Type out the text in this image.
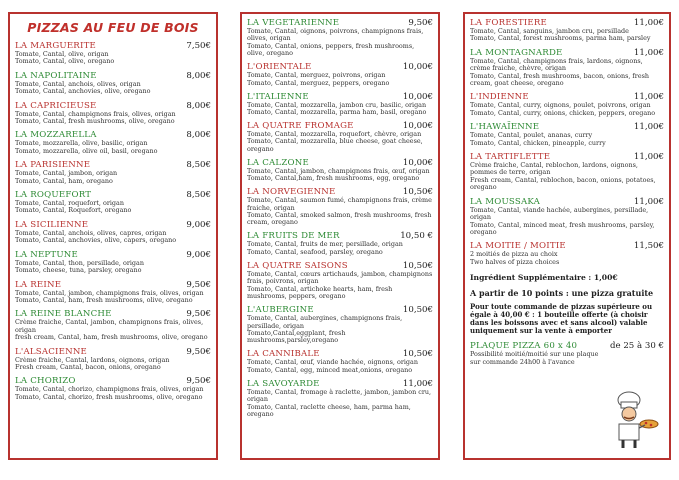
PIZZAS AU FEU DE BOIS
LA MARGUERITE	7,50€
Tomate, Cantal, olive, origan
Tomato, Cantal, olive, oregano
LA NAPOLITAINE	8,00€
Tomate, Cantal, anchois, olives, origan
Tomato, Cantal, anchovies, olive, oregano
LA CAPRICIEUSE	8,00€
Tomate, Cantal, champignons frais, olives, origan
Tomato, Cantal, fresh mushrooms, olive, oregano
LA MOZZARELLA	8,00€
Tomate, mozzarella, olive, basilic, origan
Tomato, mozzarella, olive oil, basil, oregano
LA PARISIENNE	8,50€
Tomate, Cantal, jambon, origan
Tomato, Cantal, ham, oregano
LA ROQUEFORT	8,50€
Tomate, Cantal, roquefort, origan
Tomato, Cantal, Roquefort, oregano
LA SICILIENNE	9,00€
Tomate, Cantal, anchois, olives, capres, origan
Tomato, Cantal, anchovies, olive, capers, oregano
LA NEPTUNE	9,00€
Tomate, Cantal, thon, persillade, origan
Tomato, cheese, tuna, parsley, oregano
LA REINE	9,50€
Tomate, Cantal, jambon, champignons frais, olives, origan
Tomato, Cantal, ham, fresh mushrooms, olive, oregano
LA REINE BLANCHE	9,50€
Crème fraiche, Cantal, jambon, champignons frais, olives, origan
fresh cream, Cantal, ham, fresh mushrooms, olive, oregano
L'ALSACIENNE	9,50€
Crème fraiche, Cantal, lardons, oignons, origan
Fresh cream, Cantal, bacon, onions, oregano
LA CHORIZO	9,50€
Tomate, Cantal, chorizo, champignons frais, olives, origan
Tomato, Cantal, chorizo, fresh mushrooms, olive, oregano
LA VEGETARIENNE	9,50€
Tomate, Cantal, oignons, poivrons, champignons frais, olives, origan
Tomato, Cantal, onions, peppers, fresh mushrooms, olive, oregano
L'ORIENTALE	10,00€
Tomate, Cantal, merguez, poivrons, origan
Tomato, Cantal, merguez, peppers, oregano
L'ITALIENNE	10,00€
Tomate, Cantal, mozzarella, jambon cru, basilic, origan
Tomato, Cantal, mozzarella, parma ham, basil, oregano
LA QUATRE FROMAGE	10,00€
Tomate, Cantal, mozzarella, roquefort, chèvre, origan
Tomato, Cantal, mozzarella, blue cheese, goat cheese, oregano
LA CALZONE	10,00€
Tomate, Cantal, jambon, champignons frais, œuf, origan
Tomato, Cantal,ham, fresh mushrooms, egg, oregano
LA NORVEGIENNE	10,50€
Tomate, Cantal, saumon fumé, champignons frais, crème fraiche, origan
Tomato, Cantal, smoked salmon, fresh mushrooms, fresh cream, oregano
LA FRUITS DE MER	10,50 €
Tomate, Cantal, fruits de mer, persillade, origan
Tomato, Cantal, seafood, parsley, oregano
LA QUATRE SAISONS	10,50€
Tomate, Cantal, cœurs artichauds, jambon, champignons frais, poivrons, origan
Tomato, Cantal, artichoke hearts, ham, fresh mushrooms, peppers, oregano
L'AUBERGINE	10,50€
Tomate, Cantal, aubergines, champignons frais, persillade, origan
Tomato,Cantal,eggplant, fresh mushrooms,parsley,oregano
LA CANNIBALE	10,50€
Tomate, Cantal, œuf, viande hachée, oignons, origan
Tomato, Cantal, egg, minced meat,onions, oregano
LA SAVOYARDE	11,00€
Tomate, Cantal, fromage à raclette, jambon, jambon cru, origan
Tomato, Cantal, raclette cheese, ham, parma ham, oregano
LA FORESTIERE	11,00€
Tomate, Cantal, sanguins, jambon cru, persillade
Tomato, Cantal, forest mushrooms, parma ham, parsley
LA MONTAGNARDE	11,00€
Tomate, Cantal, champignons frais, lardons, oignons, crème fraiche, chèvre, origan
Tomato, Cantal, fresh mushrooms, bacon, onions, fresh cream, goat cheese, oregano
L'INDIENNE	11,00€
Tomate, Cantal, curry, oignons, poulet, poivrons, origan
Tomato, Cantal, curry, onions, chicken, peppers, oregano
L'HAWAÏENNE	11,00€
Tomate, Cantal, poulet, ananas, curry
Tomato, Cantal, chicken, pineapple, curry
LA TARTIFLETTE	11,00€
Crème fraiche, Cantal, reblochon, lardons, oignons, pommes de terre, origan
Fresh cream, Cantal, reblochon, bacon, onions, potatoes, oregano
LA MOUSSAKA	11,00€
Tomate, Cantal, viande hachée, aubergines, persillade, origan
Tomato, Cantal, minced meat, fresh mushrooms, parsley, oregano
LA MOITIE / MOITIE	11,50€
2 moitiés de pizza au choix
Two halves of pizza choices
Ingrédient Supplémentaire : 1,00€
A partir de 10 points : une pizza gratuite
Pour toute commande de pizzas supérieure ou égale à 40,00 € : 1 bouteille offerte (à choisir dans les boissons avec et sans alcool) valable uniquement sur la vente à emporter
PLAQUE PIZZA 60 x 40	de 25 à 30 €
Possibilité moitié/moitié sur une plaque
sur commande 24h00 à l'avance
